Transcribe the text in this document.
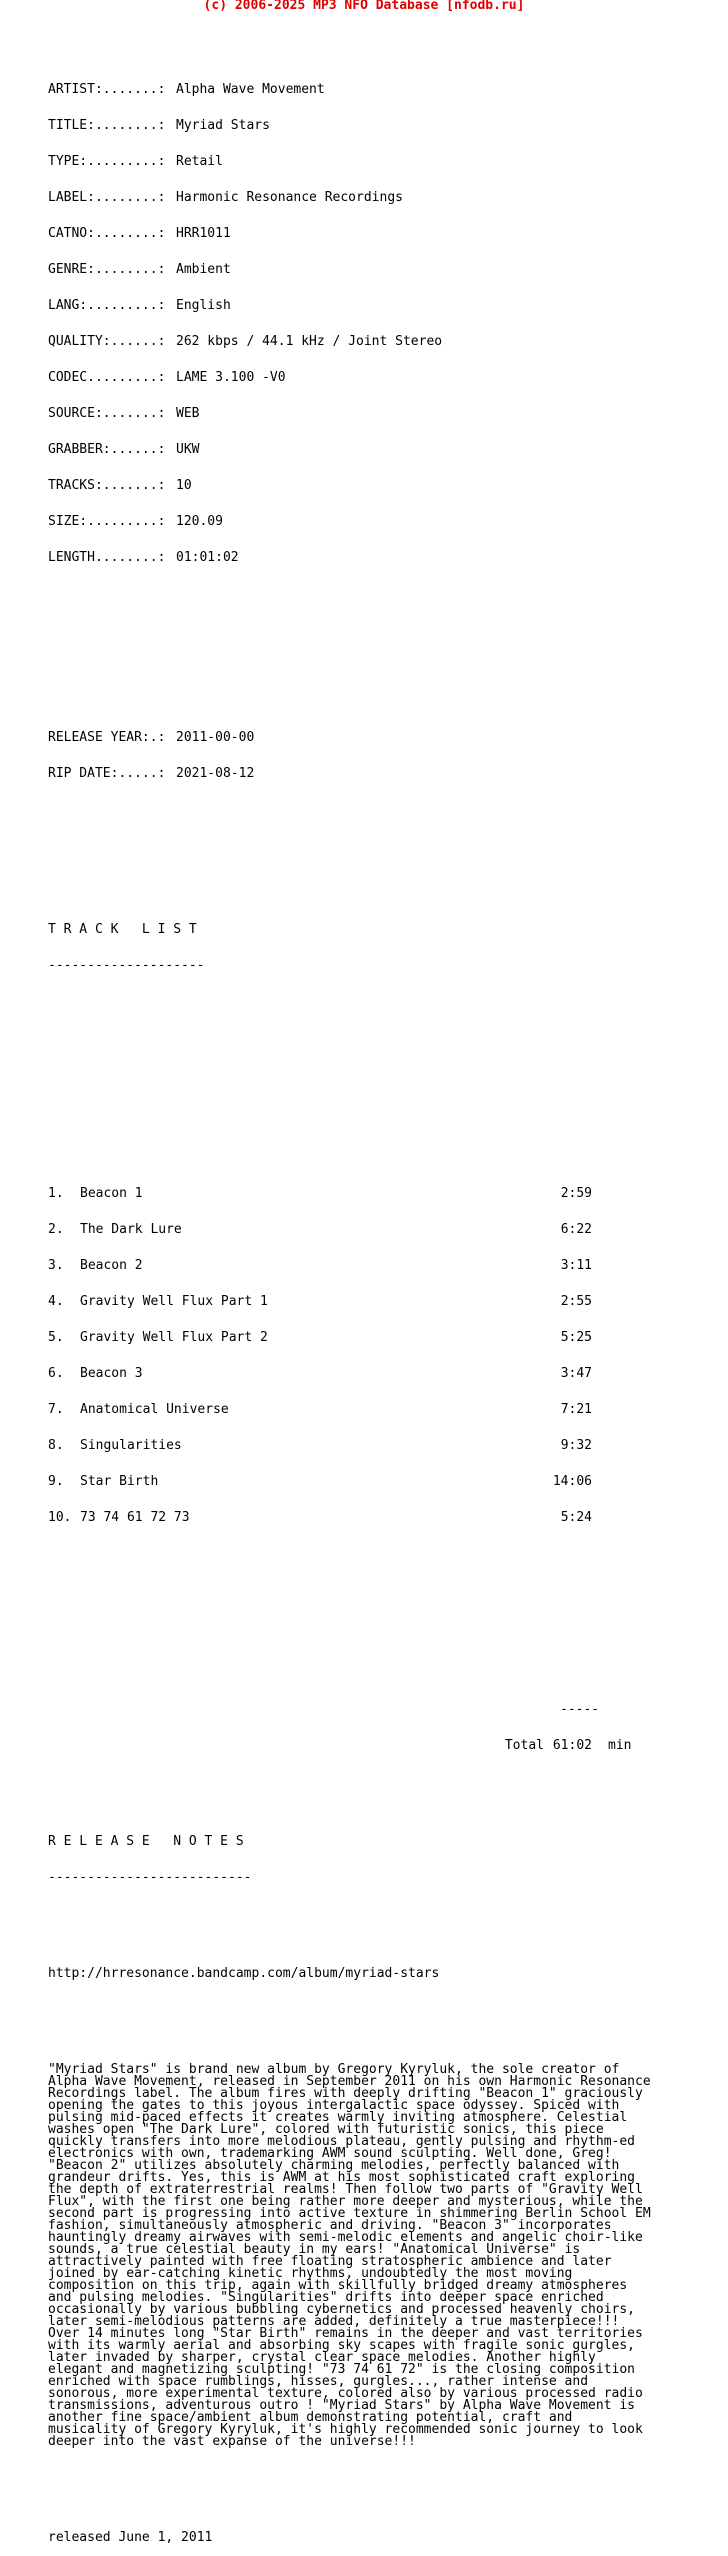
(c) 2006-2025 MP3 NFO Database [nfodb.ru]

ARTIST:.......: Alpha Wave Movement

TITLE:........: Myriad Stars

TYPE:.........: Retail

LABEL:........: Harmonic Resonance Recordings

CATNO:........: HRR1011

GENRE:........: Ambient

LANG:.........: English

QUALITY:......: 262 kbps / 44.1 kHz / Joint Stereo

CODEC.........: LAME 3.100 -V0

SOURCE:.......: WEB

GRABBER:......: UKW

TRACKS:.......: 10

SIZE:.........: 120.09

LENGTH........: 01:01:02

RELEASE YEAR:.: 2011-00-00

RIP DATE:.....: 2021-08-12

T R A C K   L I S T

--------------------

1.	Beacon 1	2:59

2.	The Dark Lure	6:22

3.	Beacon 2	3:11

4.	Gravity Well Flux Part 1	2:55

5.	Gravity Well Flux Part 2	5:25

6.	Beacon 3	3:47

7.	Anatomical Universe	7:21

8.	Singularities	9:32

9.	Star Birth	14:06

10. 73 74 61 72 73	5:24

-----

Total 61:02	min

R E L E A S E   N O T E S

--------------------------

http://hrresonance.bandcamp.com/album/myriad-stars

"Myriad Stars" is brand new album by Gregory Kyryluk, the sole creator of Alpha Wave Movement, released in September 2011 on his own Harmonic Resonance Recordings label. The album fires with deeply drifting "Beacon 1" graciously opening the gates to this joyous intergalactic space odyssey. Spiced with pulsing mid-paced effects it creates warmly inviting atmosphere. Celestial washes open "The Dark Lure", colored with futuristic sonics, this piece quickly transfers into more melodious plateau, gently pulsing and rhythm-ed electronics with own, trademarking AWM sound sculpting. Well done, Greg! "Beacon 2" utilizes absolutely charming melodies, perfectly balanced with grandeur drifts. Yes, this is AWM at his most sophisticated craft exploring the depth of extraterrestrial realms! Then follow two parts of "Gravity Well Flux", with the first one being rather more deeper and mysterious, while the second part is progressing into active texture in shimmering Berlin School EM fashion, simultaneously atmospheric and driving. "Beacon 3" incorporates hauntingly dreamy airwaves with semi-melodic elements and angelic choir-like sounds, a true celestial beauty in my ears! "Anatomical Universe" is attractively painted with free floating stratospheric ambience and later joined by ear-catching kinetic rhythms, undoubtedly the most moving composition on this trip, again with skillfully bridged dreamy atmospheres and pulsing melodies. "Singularities" drifts into deeper space enriched occasionally by various bubbling cybernetics and processed heavenly choirs, later semi-melodious patterns are added, definitely a true masterpiece!!! Over 14 minutes long "Star Birth" remains in the deeper and vast territories with its warmly aerial and absorbing sky scapes with fragile sonic gurgles, later invaded by sharper, crystal clear space melodies. Another highly elegant and magnetizing sculpting! "73 74 61 72" is the closing composition enriched with space rumblings, hisses, gurgles..., rather intense and sonorous, more experimental texture, colored also by various processed radio transmissions, adventurous outro ! "Myriad Stars" by Alpha Wave Movement is another fine space/ambient album demonstrating potential, craft and musicality of Gregory Kyryluk, it's highly recommended sonic journey to look deeper into the vast expanse of the universe!!!

released June 1, 2011
